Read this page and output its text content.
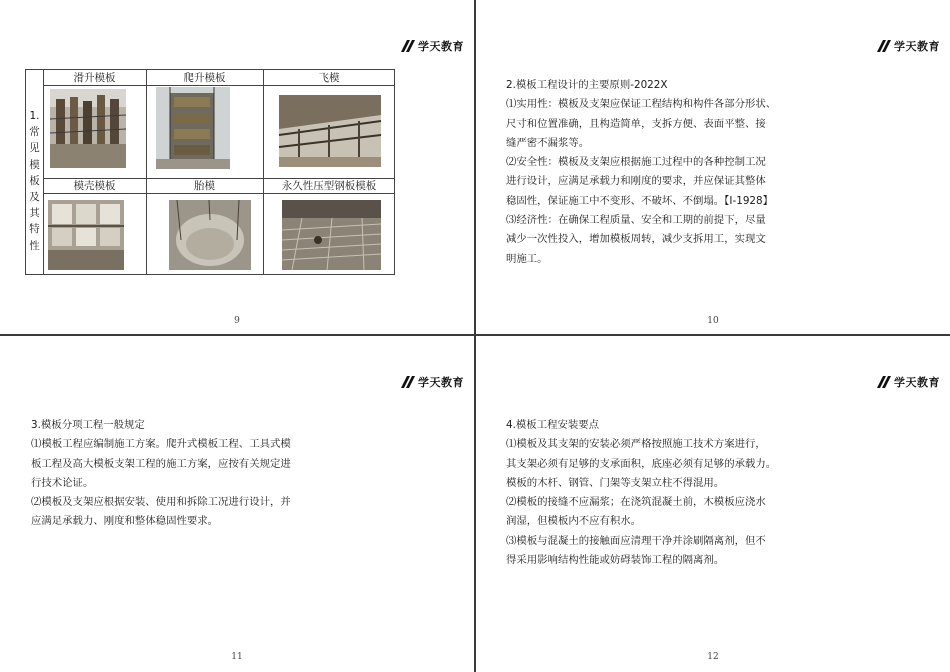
学天教育
1.
常
见
模
板
及
其
特
性
滑升模板	爬升模板	飞模
模壳模板	胎模	永久性压型钢板模板
9
学天教育

2.模板工程设计的主要原则-2022X

⑴实用性：模板及支架应保证工程结构和构件各部分形状、

尺寸和位置准确，且构造简单，支拆方便、表面平整、接

缝严密不漏浆等。

⑵安全性：模板及支架应根据施工过程中的各种控制工况

进行设计，应满足承载力和刚度的要求，并应保证其整体

稳固性，保证施工中不变形、不破坏、不倒塌。【Ⅰ-1928】

⑶经济性：在确保工程质量、安全和工期的前提下，尽量

减少一次性投入，增加模板周转，减少支拆用工，实现文

明施工。

10
学天教育

3.模板分项工程一般规定

⑴模板工程应编制施工方案。爬升式模板工程、工具式模

板工程及高大模板支架工程的施工方案，应按有关规定进

行技术论证。

⑵模板及支架应根据安装、使用和拆除工况进行设计，并

应满足承载力、刚度和整体稳固性要求。

11
学天教育

4.模板工程安装要点

⑴模板及其支架的安装必须严格按照施工技术方案进行，

其支架必须有足够的支承面积，底座必须有足够的承载力。

模板的木杆、钢管、门架等支架立柱不得混用。

⑵模板的接缝不应漏浆；在浇筑混凝土前，木模板应浇水

润湿，但模板内不应有积水。

⑶模板与混凝土的接触面应清理干净并涂刷隔离剂，但不

得采用影响结构性能或妨碍装饰工程的隔离剂。

12
